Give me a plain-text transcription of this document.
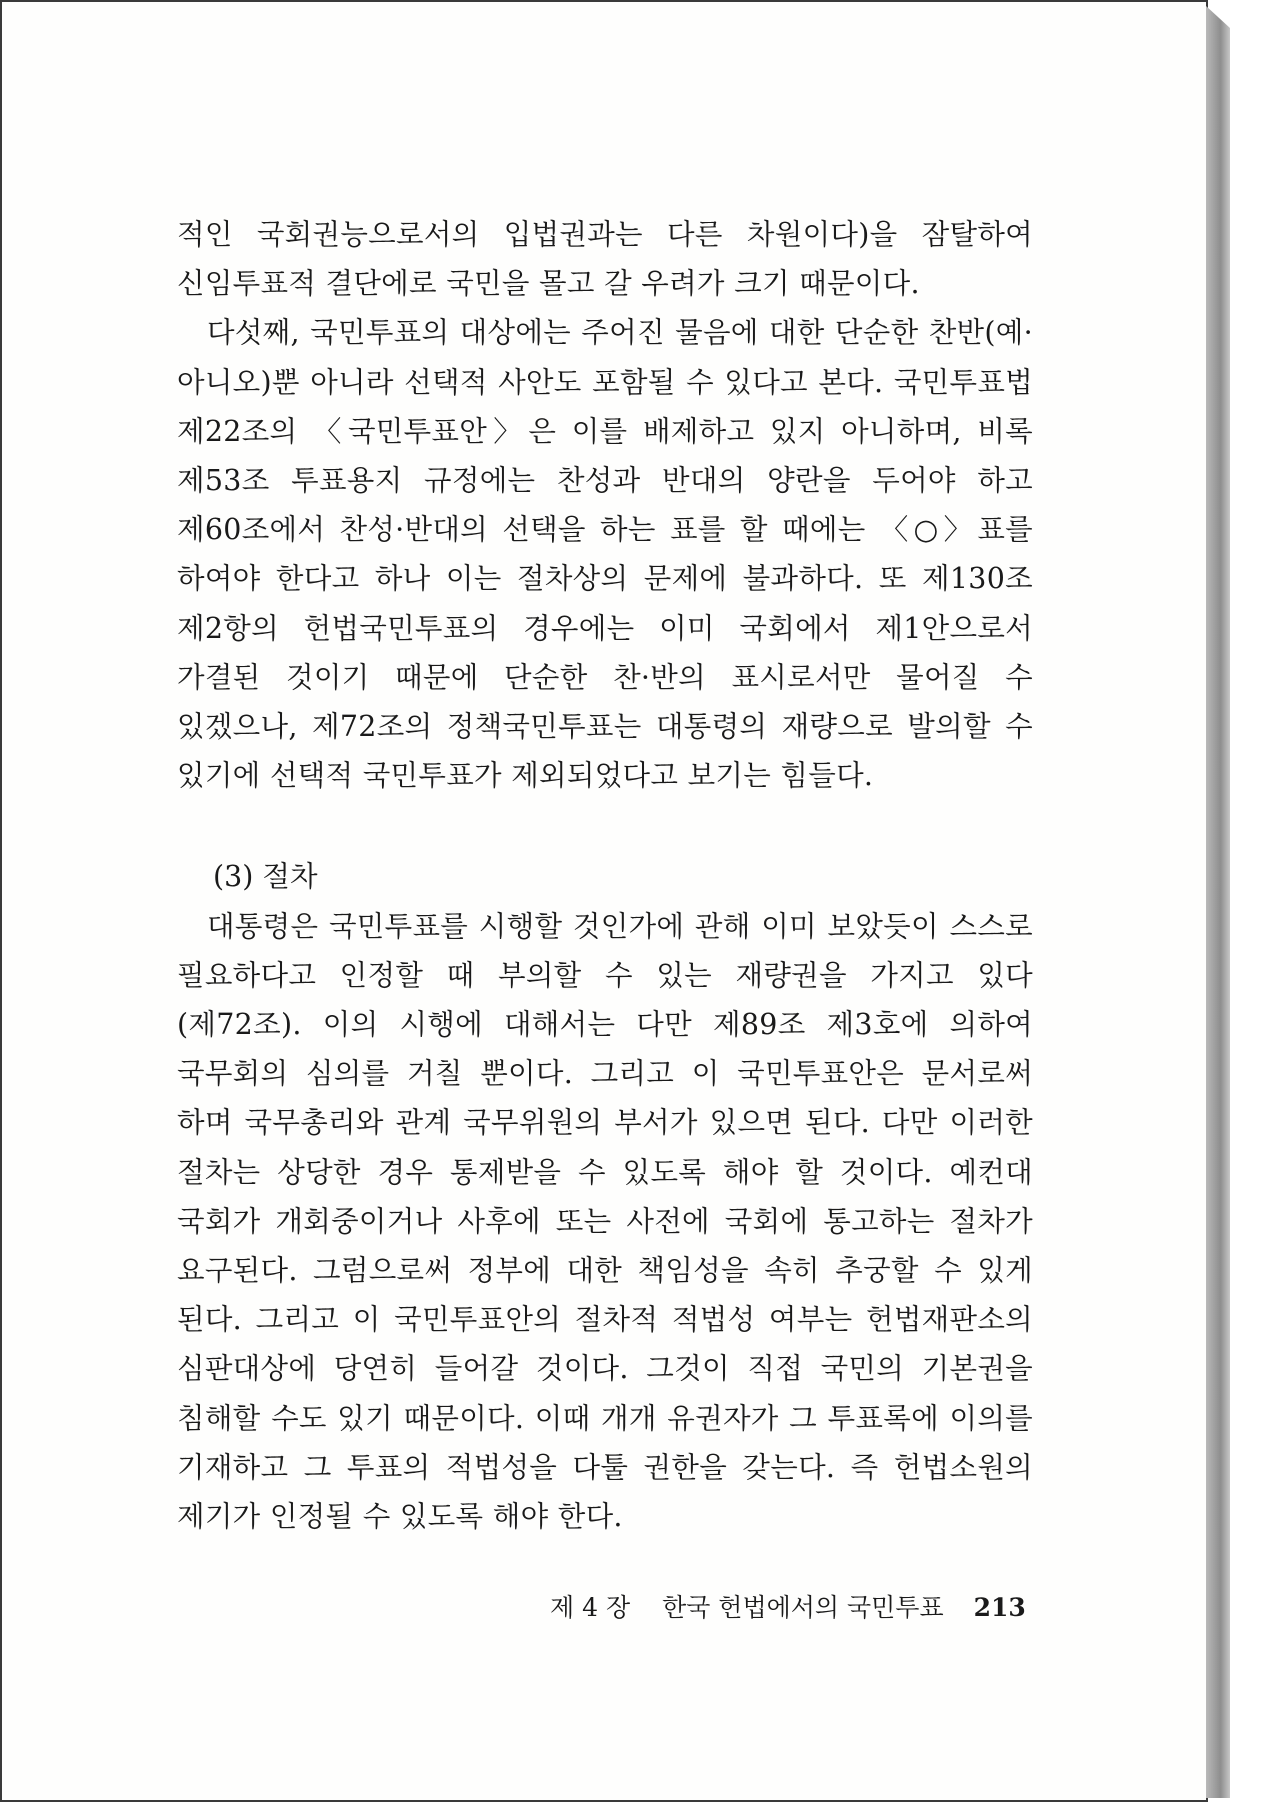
적인 국회권능으로서의 입법권과는 다른 차원이다)을 잠탈하여 신임투표적 결단에로 국민을 몰고 갈 우려가 크기 때문이다.

다섯째, 국민투표의 대상에는 주어진 물음에 대한 단순한 찬반(예·아니오)뿐 아니라 선택적 사안도 포함될 수 있다고 본다. 국민투표법 제22조의 〈국민투표안〉은 이를 배제하고 있지 아니하며, 비록 제53조 투표용지 규정에는 찬성과 반대의 양란을 두어야 하고 제60조에서 찬성·반대의 선택을 하는 표를 할 때에는 〈○〉표를 하여야 한다고 하나 이는 절차상의 문제에 불과하다. 또 제130조 제2항의 헌법국민투표의 경우에는 이미 국회에서 제1안으로서 가결된 것이기 때문에 단순한 찬·반의 표시로서만 물어질 수 있겠으나, 제72조의 정책국민투표는 대통령의 재량으로 발의할 수 있기에 선택적 국민투표가 제외되었다고 보기는 힘들다.

(3) 절차

대통령은 국민투표를 시행할 것인가에 관해 이미 보았듯이 스스로 필요하다고 인정할 때 부의할 수 있는 재량권을 가지고 있다(제72조). 이의 시행에 대해서는 다만 제89조 제3호에 의하여 국무회의 심의를 거칠 뿐이다. 그리고 이 국민투표안은 문서로써 하며 국무총리와 관계 국무위원의 부서가 있으면 된다. 다만 이러한 절차는 상당한 경우 통제받을 수 있도록 해야 할 것이다. 예컨대 국회가 개회중이거나 사후에 또는 사전에 국회에 통고하는 절차가 요구된다. 그럼으로써 정부에 대한 책임성을 속히 추궁할 수 있게 된다. 그리고 이 국민투표안의 절차적 적법성 여부는 헌법재판소의 심판대상에 당연히 들어갈 것이다. 그것이 직접 국민의 기본권을 침해할 수도 있기 때문이다. 이때 개개 유권자가 그 투표록에 이의를 기재하고 그 투표의 적법성을 다툴 권한을 갖는다. 즉 헌법소원의 제기가 인정될 수 있도록 해야 한다.

제 4 장 한국 헌법에서의 국민투표 213
